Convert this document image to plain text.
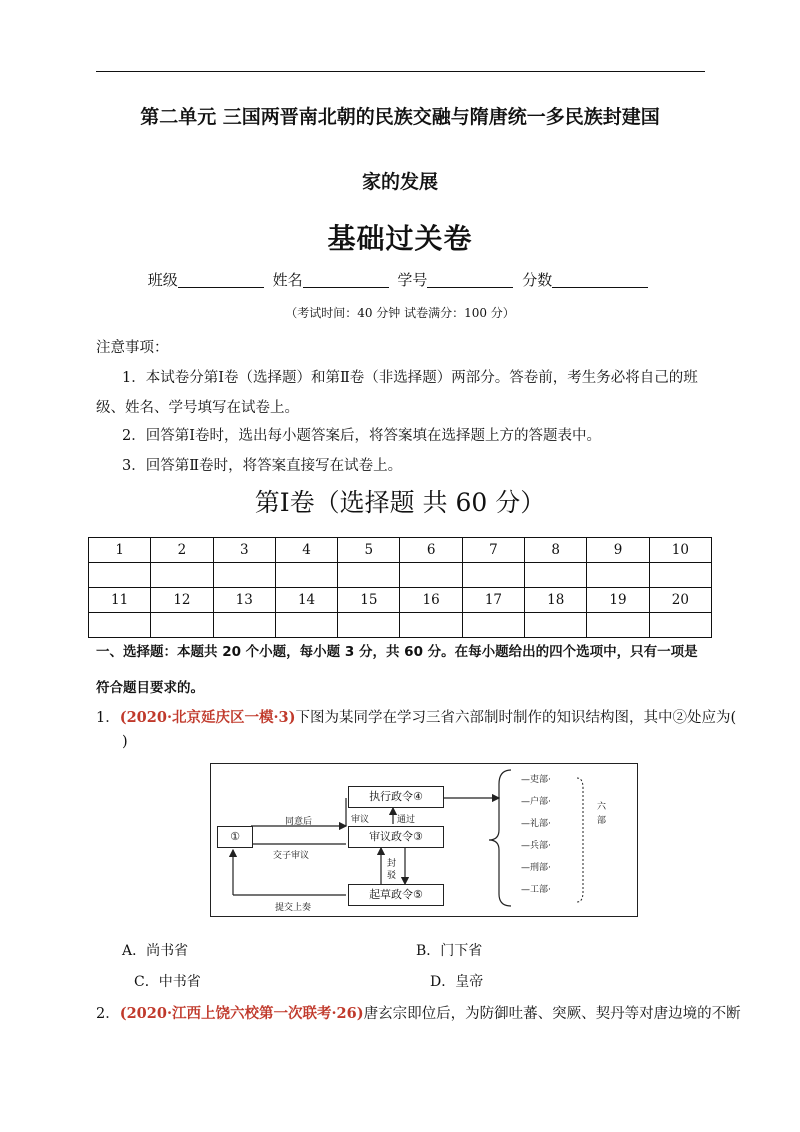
第二单元 三国两晋南北朝的民族交融与隋唐统一多民族封建国
家的发展
基础过关卷
班级	姓名	学号	分数
（考试时间：40 分钟 试卷满分：100 分）
注意事项：
1．本试卷分第Ⅰ卷（选择题）和第Ⅱ卷（非选择题）两部分。答卷前，考生务必将自己的班
级、姓名、学号填写在试卷上。
2．回答第Ⅰ卷时，选出每小题答案后，将答案填在选择题上方的答题表中。
3．回答第Ⅱ卷时，将答案直接写在试卷上。
第Ⅰ卷（选择题 共 60 分）
1	2	3	4	5	6	7	8	9	10

11	12	13	14	15	16	17	18	19	20

一、选择题：本题共 20 个小题，每小题 3 分，共 60 分。在每小题给出的四个选项中，只有一项是
符合题目要求的。
1．(2020·北京延庆区一模·3)下图为某同学在学习三省六部制时制作的知识结构图，其中②处应为(
)
执行政令④
审议政令③
起草政令⑤
①
同意后
交子审议
审议	通过
封
驳
提交上奏
六部
—吏部·
—户部·
—礼部·
—兵部·
—刑部·
—工部·
A．尚书省	B．门下省
C．中书省	D．皇帝
2．(2020·江西上饶六校第一次联考·26)唐玄宗即位后，为防御吐蕃、突厥、契丹等对唐边境的不断
